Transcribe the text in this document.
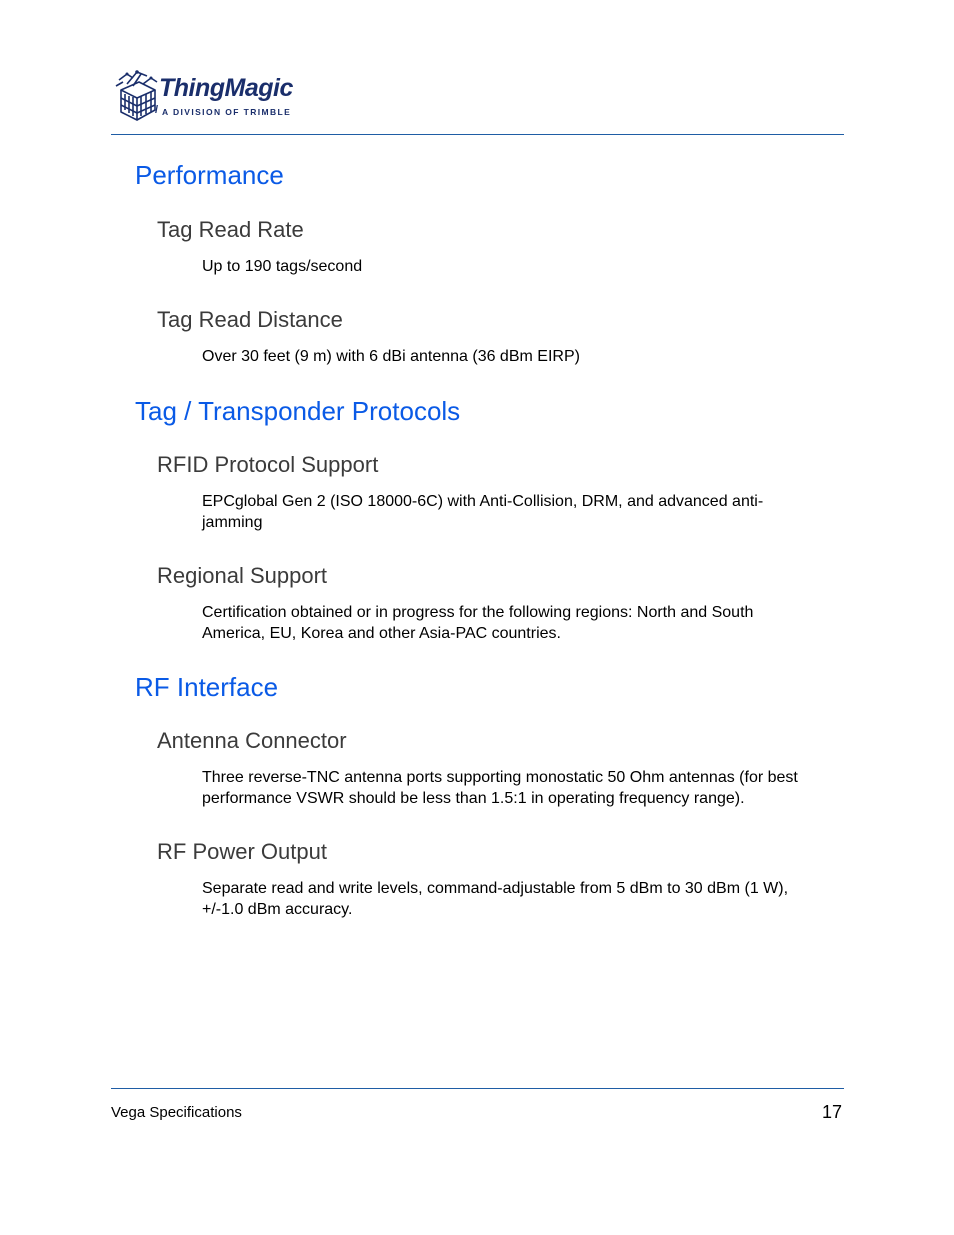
ThingMagic
/ A DIVISION OF TRIMBLE
Performance
Tag Read Rate

Up to 190 tags/second

Tag Read Distance

Over 30 feet (9 m) with 6 dBi antenna (36 dBm EIRP)

Tag / Transponder Protocols
RFID Protocol Support

EPCglobal Gen 2 (ISO 18000-6C) with Anti-Collision, DRM, and advanced anti-
jamming

Regional Support

Certification obtained or in progress for the following regions: North and South
America, EU, Korea and other Asia-PAC countries.

RF Interface
Antenna Connector

Three reverse-TNC antenna ports supporting monostatic 50 Ohm antennas (for best
performance VSWR should be less than 1.5:1 in operating frequency range).

RF Power Output

Separate read and write levels, command-adjustable from 5 dBm to 30 dBm (1 W),
+/-1.0 dBm accuracy.

Vega Specifications	17
